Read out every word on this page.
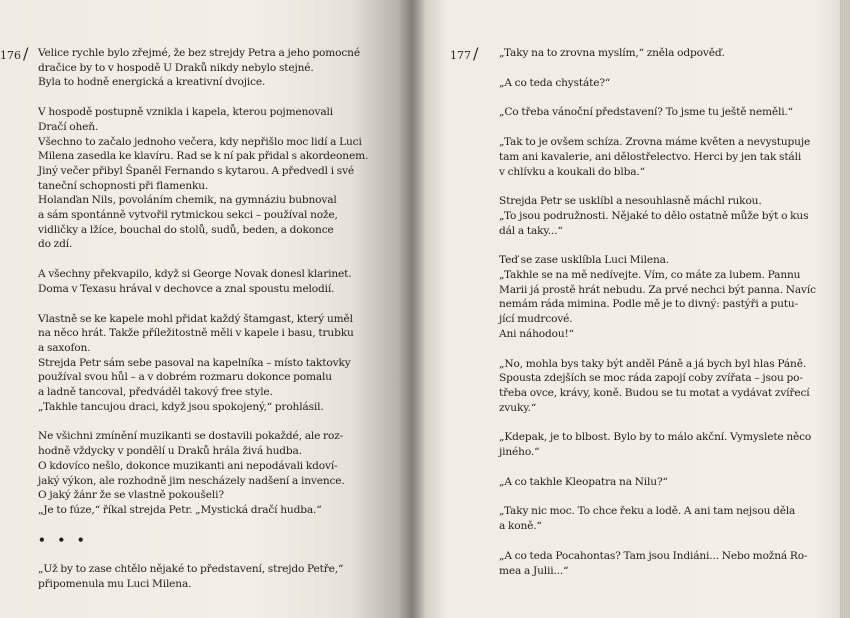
176 / Velice rychle bylo zřejmé, že bez strejdy Petra a jeho pomocné
dračice by to v hospodě U Draků nikdy nebylo stejné.
Byla to hodně energická a kreativní dvojice.
V hospodě postupně vznikla i kapela, kterou pojmenovali
Dračí oheň.
Všechno to začalo jednoho večera, kdy nepřišlo moc lidí a Luci
Milena zasedla ke klavíru. Rad se k ní pak přidal s akordeonem.
Jiný večer přibyl Španěl Fernando s kytarou. A předvedl i své
taneční schopnosti při flamenku.
Holanďan Nils, povoláním chemik, na gymnáziu bubnoval
a sám spontánně vytvořil rytmickou sekci – používal nože,
vidličky a lžíce, bouchal do stolů, sudů, beden, a dokonce
do zdí.
A všechny překvapilo, když si George Novak donesl klarinet.
Doma v Texasu hrával v dechovce a znal spoustu melodií.
Vlastně se ke kapele mohl přidat každý štamgast, který uměl
na něco hrát. Takže příležitostně měli v kapele i basu, trubku
a saxofon.
Strejda Petr sám sebe pasoval na kapelníka – místo taktovky
používal svou hůl – a v dobrém rozmaru dokonce pomalu
a ladně tancoval, předváděl takový free style.
„Takhle tancujou draci, když jsou spokojený,“ prohlásil.
Ne všichni zmínění muzikanti se dostavili pokaždé, ale roz-
hodně vždycky v pondělí u Draků hrála živá hudba.
O kdovíco nešlo, dokonce muzikanti ani nepodávali kdoví-
jaký výkon, ale rozhodně jim nescházely nadšení a invence.
O jaký žánr že se vlastně pokoušeli?
„Je to fúze,“ říkal strejda Petr. „Mystická dračí hudba.“
• • •
„Už by to zase chtělo nějaké to představení, strejdo Petře,“
připomenula mu Luci Milena.
177 / „Taky na to zrovna myslím,“ zněla odpověď.
„A co teda chystáte?“
„Co třeba vánoční představení? To jsme tu ještě neměli.“
„Tak to je ovšem schíza. Zrovna máme květen a nevystupuje
tam ani kavalerie, ani dělostřelectvo. Herci by jen tak stáli
v chlívku a koukali do blba.“
Strejda Petr se usklíbl a nesouhlasně máchl rukou.
„To jsou podružnosti. Nějaké to dělo ostatně může být o kus
dál a taky...“
Teď se zase usklíbla Luci Milena.
„Takhle se na mě nedívejte. Vím, co máte za lubem. Pannu
Marii já prostě hrát nebudu. Za prvé nechci být panna. Navíc
nemám ráda mimina. Podle mě je to divný: pastýři a putu-
jící mudrcové.
Ani náhodou!“
„No, mohla bys taky být anděl Páně a já bych byl hlas Páně.
Spousta zdejších se moc ráda zapojí coby zvířata – jsou po-
třeba ovce, krávy, koně. Budou se tu motat a vydávat zvířecí
zvuky.“
„Kdepak, je to blbost. Bylo by to málo akční. Vymyslete něco
jiného.“
„A co takhle Kleopatra na Nilu?“
„Taky nic moc. To chce řeku a lodě. A ani tam nejsou děla
a koně.“
„A co teda Pocahontas? Tam jsou Indiáni... Nebo možná Ro-
mea a Julii...“
